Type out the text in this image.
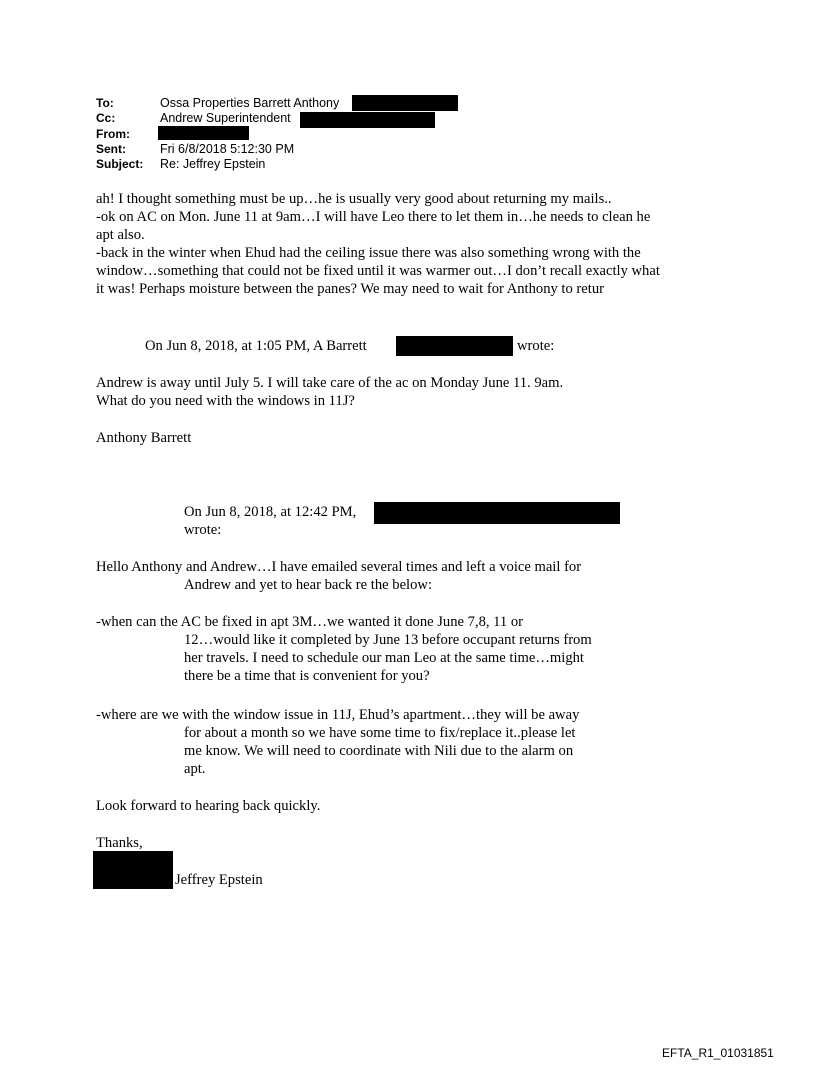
To:	Ossa Properties Barrett Anthony
Cc:	Andrew Superintendent
From:
Sent:	Fri 6/8/2018 5:12:30 PM
Subject: Re: Jeffrey Epstein
ah! I thought something must be up…he is usually very good about returning my mails..
-ok on AC on Mon. June 11 at 9am…I will have Leo there to let them in…he needs to clean he
apt also.
-back in the winter when Ehud had the ceiling issue there was also something wrong with the
window…something that could not be fixed until it was warmer out…I don’t recall exactly what
it was! Perhaps moisture between the panes? We may need to wait for Anthony to retur
On Jun 8, 2018, at 1:05 PM, A Barrett	wrote:
Andrew is away until July 5. I will take care of the ac on Monday June 11. 9am.
What do you need with the windows in 11J?
Anthony Barrett
On Jun 8, 2018, at 12:42 PM,
wrote:
Hello Anthony and Andrew…I have emailed several times and left a voice mail for
Andrew and yet to hear back re the below:
-when can the AC be fixed in apt 3M…we wanted it done June 7,8, 11 or
12…would like it completed by June 13 before occupant returns from
her travels. I need to schedule our man Leo at the same time…might
there be a time that is convenient for you?
-where are we with the window issue in 11J, Ehud’s apartment…they will be away
for about a month so we have some time to fix/replace it..please let
me know. We will need to coordinate with Nili due to the alarm on
apt.
Look forward to hearing back quickly.
Thanks,
Jeffrey Epstein
EFTA_R1_01031851
